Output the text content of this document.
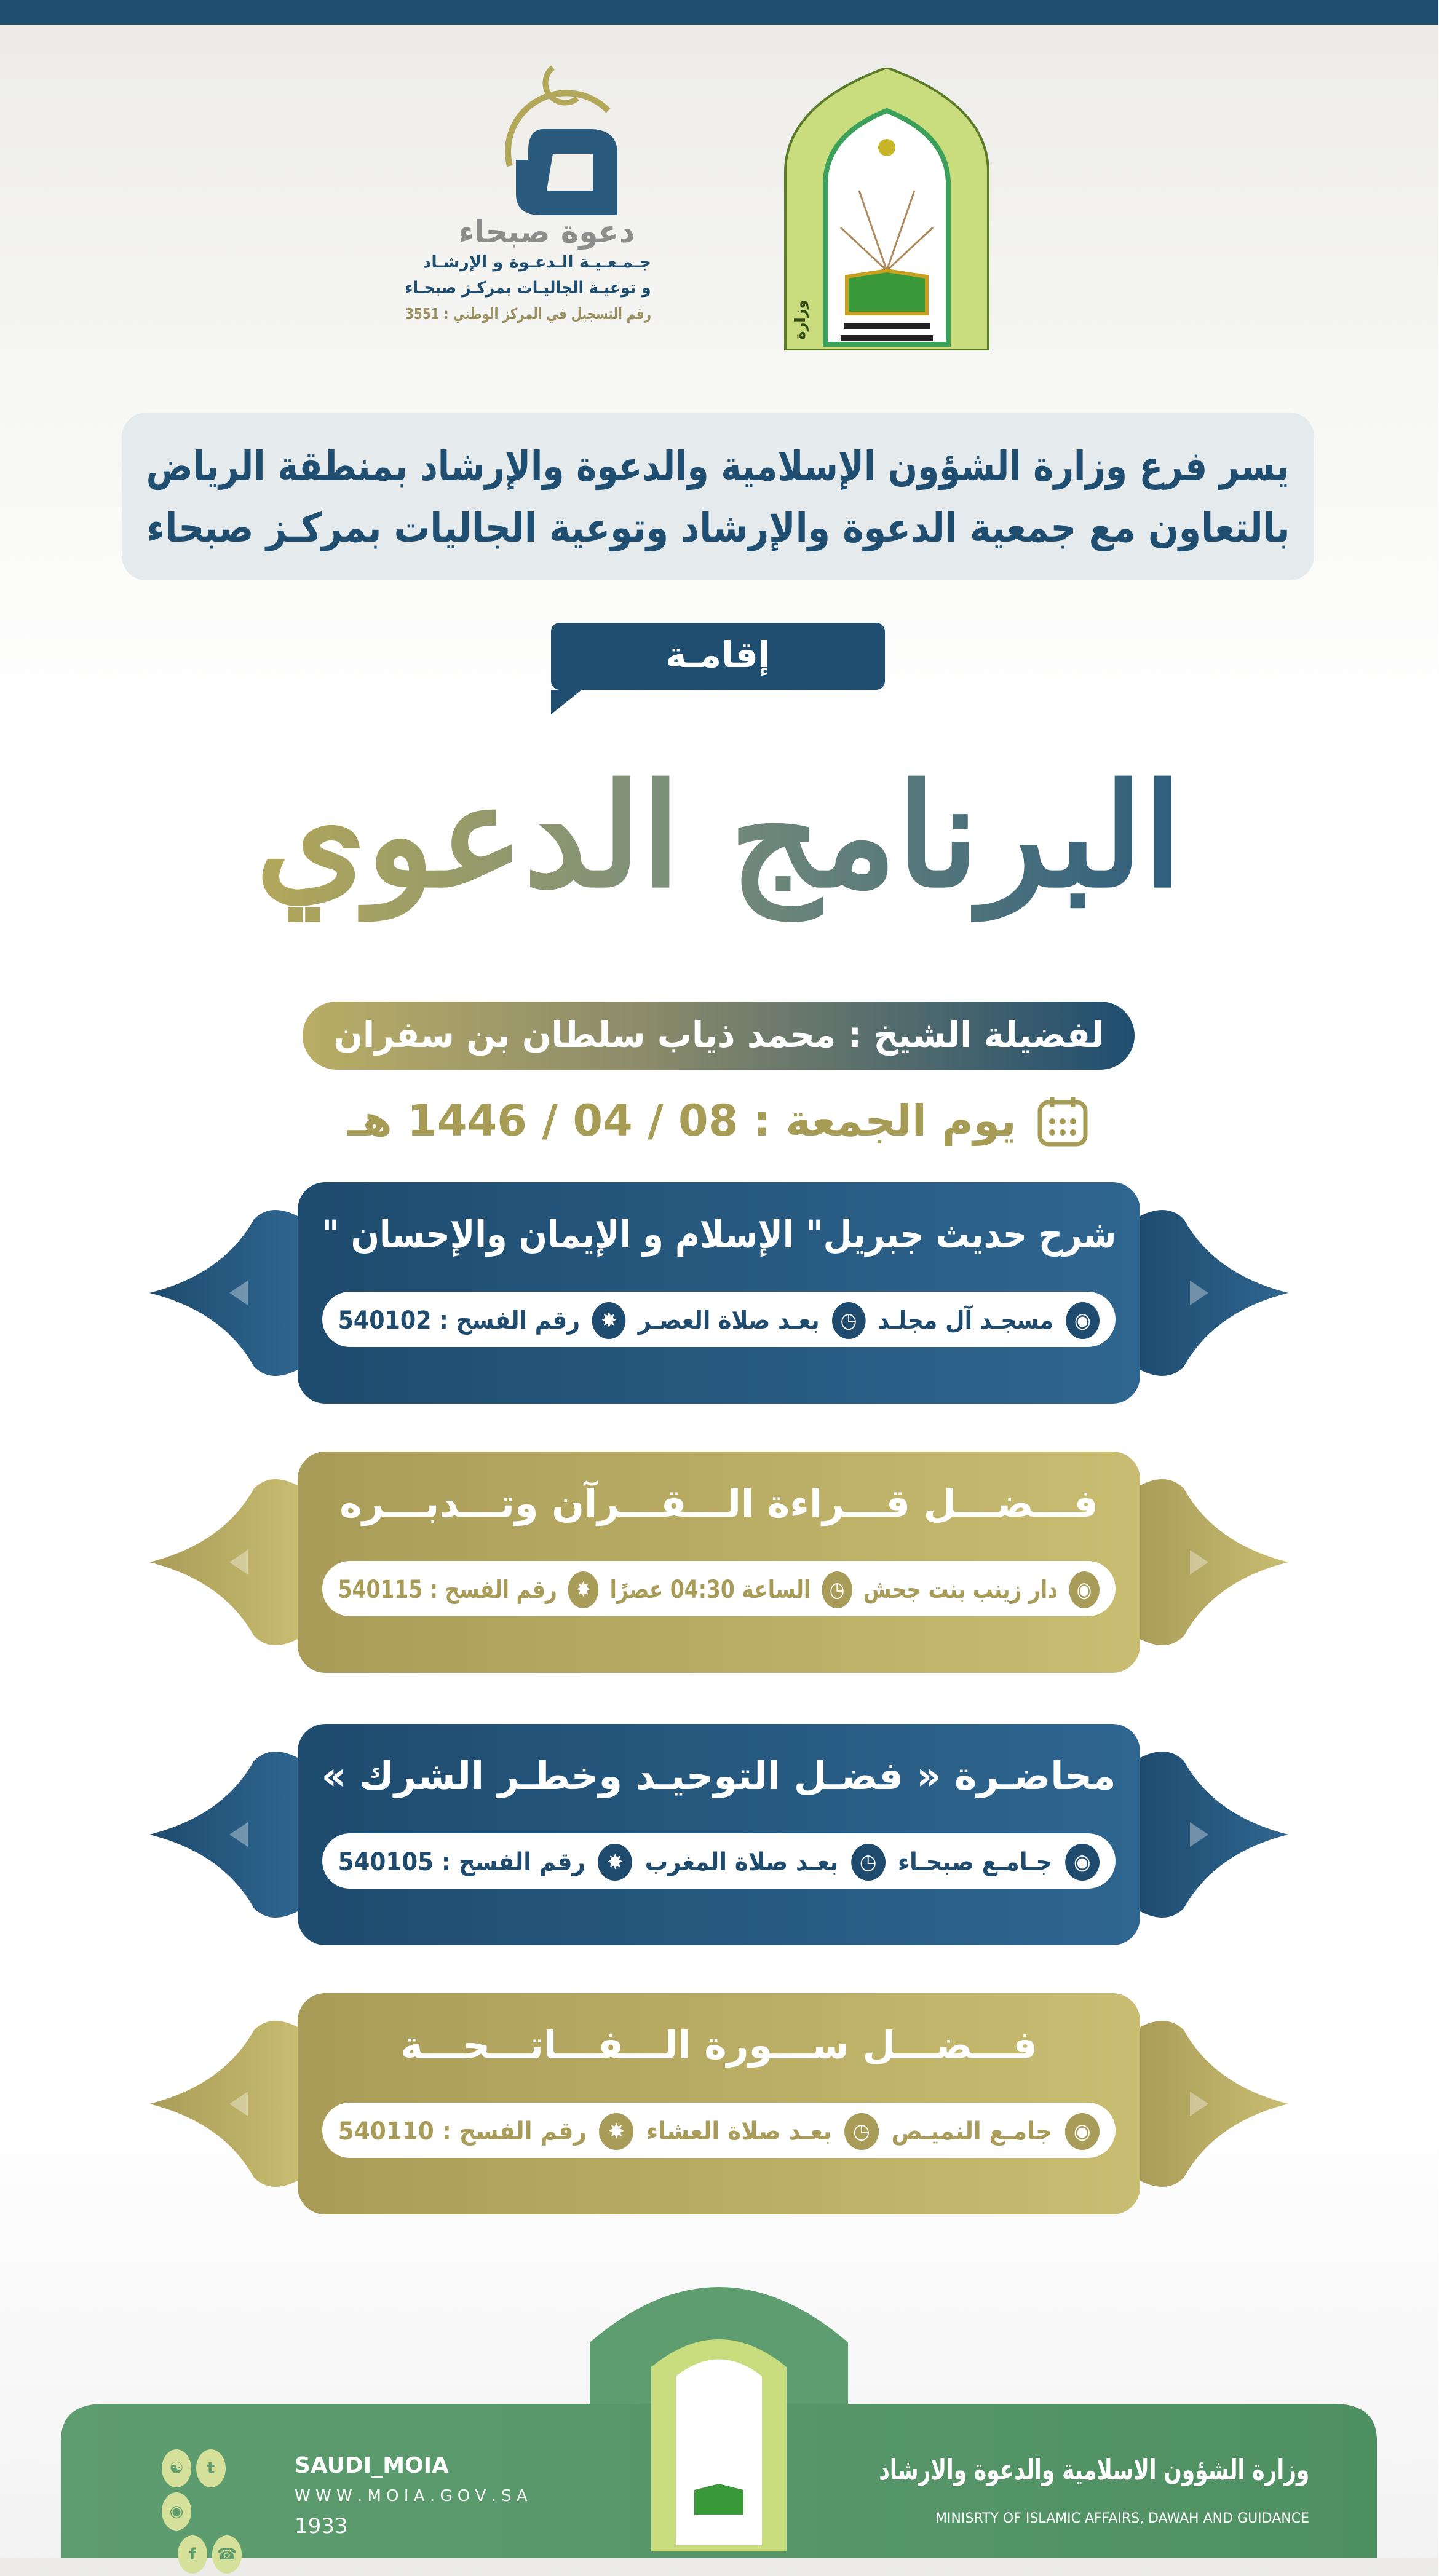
دعوة صبحاء
جـمـعـيـة الـدعـوة و الإرشـاد
و توعيـة الجاليـات بمركـز صبحـاء
رقم التسجيل في المركز الوطني : 3551
وزارة
يسر فرع وزارة الشؤون الإسلامية والدعوة والإرشاد بمنطقة الرياض
بالتعاون مع جمعية الدعوة والإرشاد وتوعية الجاليات بمركـز صبحاء
إقامـة
البرنامج الدعوي
لفضيلة الشيخ : محمد ذياب سلطان بن سفران
يوم الجمعة : 08 / 04 / 1446 هـ
شرح حديث جبريل" الإسلام و الإيمان والإحسان "
◉
مسجـد آل مجلـد
◷
بعـد صلاة العصـر
✸
رقم الفسح : 540102
فـــضـــل قـــراءة الـــقـــرآن وتـــدبـــره
◉
دار زينب بنت جحش
◷
الساعة 04:30 عصرًا
✸
رقم الفسح : 540115
محاضـرة « فضـل التوحيـد وخطـر الشرك »
◉
جـامـع صبحـاء
◷
بعـد صلاة المغرب
✸
رقم الفسح : 540105
فـــضـــل ســـورة الـــفـــاتـــحـــة
◉
جامـع النميـص
◷
بعـد صلاة العشاء
✸
رقم الفسح : 540110
وزارة الشؤون الاسلامية والدعوة والارشاد
MINISRTY OF ISLAMIC AFFAIRS, DAWAH AND GUIDANCE
☯ t◉
f ☎
SAUDI_MOIA
W W W . M O I A . G O V . S A
1933
